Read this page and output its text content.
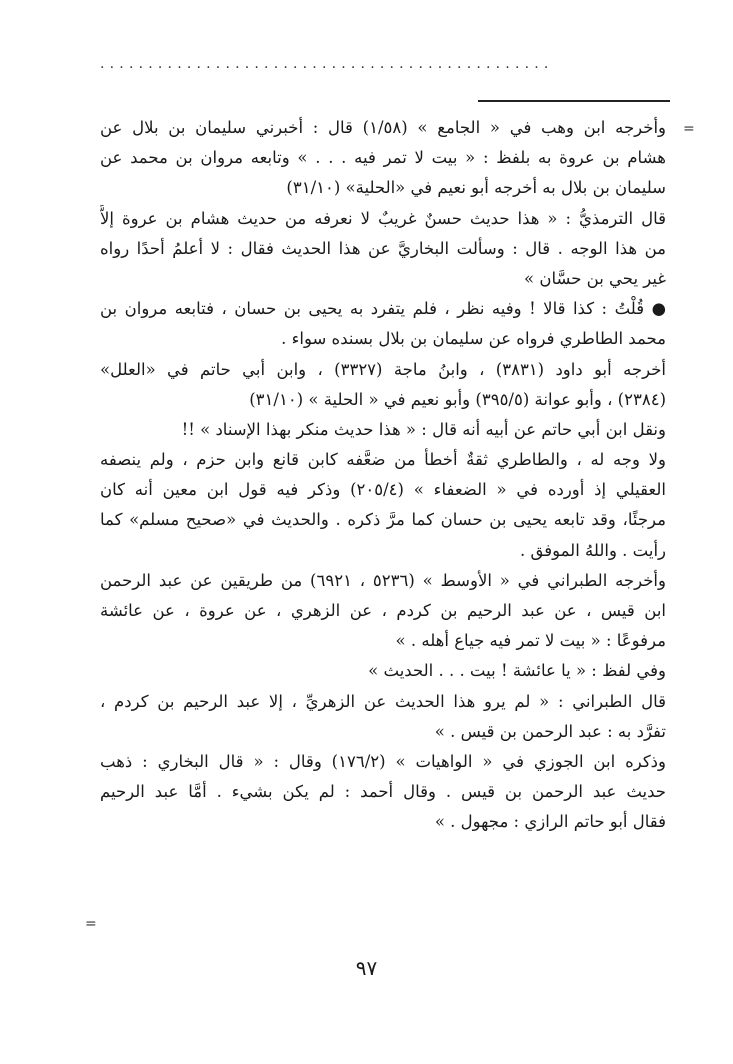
...............................................
=
=
وأخرجه ابن وهب في « الجامع » (١/٥٨) قال : أخبرني سليمان بن بلال عن
هشام بن عروة به بلفظ : « بيت لا تمر فيه . . . » وتابعه مروان بن محمد عن
سليمان بن بلال به أخرجه أبو نعيم في «الحلية» (٣١/١٠)
قال الترمذيُّ : « هذا حديث حسنٌ غريبٌ لا نعرفه من حديث هشام بن عروة إلاَّ
من هذا الوجه . قال : وسألت البخاريَّ عن هذا الحديث فقال : لا أعلمُ أحدًا رواه
غير يحي بن حسَّان »
● قُلْتُ : كذا قالا ! وفيه نظر ، فلم يتفرد به يحيى بن حسان ، فتابعه مروان بن
محمد الطاطري فرواه عن سليمان بن بلال بسنده سواء .
أخرجه أبو داود (٣٨٣١) ، وابنُ ماجة (٣٣٢٧) ، وابن أبي حاتم في «العلل»
(٢٣٨٤) ، وأبو عوانة (٣٩٥/٥) وأبو نعيم في « الحلية » (٣١/١٠)
ونقل ابن أبي حاتم عن أبيه أنه قال : « هذا حديث منكر بهذا الإسناد » !!
ولا وجه له ، والطاطري ثقةٌ أخطأ من ضعَّفه كابن قانع وابن حزم ، ولم ينصفه
العقيلي إذ أورده في « الضعفاء » (٢٠٥/٤) وذكر فيه قول ابن معين أنه كان
مرجئًا، وقد تابعه يحيى بن حسان كما مرَّ ذكره . والحديث في «صحيح مسلم» كما
رأيت . واللهُ الموفق .
وأخرجه الطبراني في « الأوسط » (٥٢٣٦ ، ٦٩٢١) من طريقين عن عبد الرحمن
ابن قيس ، عن عبد الرحيم بن كردم ، عن الزهري ، عن عروة ، عن عائشة
مرفوعًا : « بيت لا تمر فيه جياع أهله . »
وفي لفظ : « يا عائشة ! بيت . . . الحديث »
قال الطبراني : « لم يرو هذا الحديث عن الزهريِّ ، إلا عبد الرحيم بن كردم ،
تفرَّد به : عبد الرحمن بن قيس . »
وذكره ابن الجوزي في « الواهيات » (١٧٦/٢) وقال : « قال البخاري : ذهب
حديث عبد الرحمن بن قيس . وقال أحمد : لم يكن بشيء . أمَّا عبد الرحيم
فقال أبو حاتم الرازي : مجهول . »
٩٧
